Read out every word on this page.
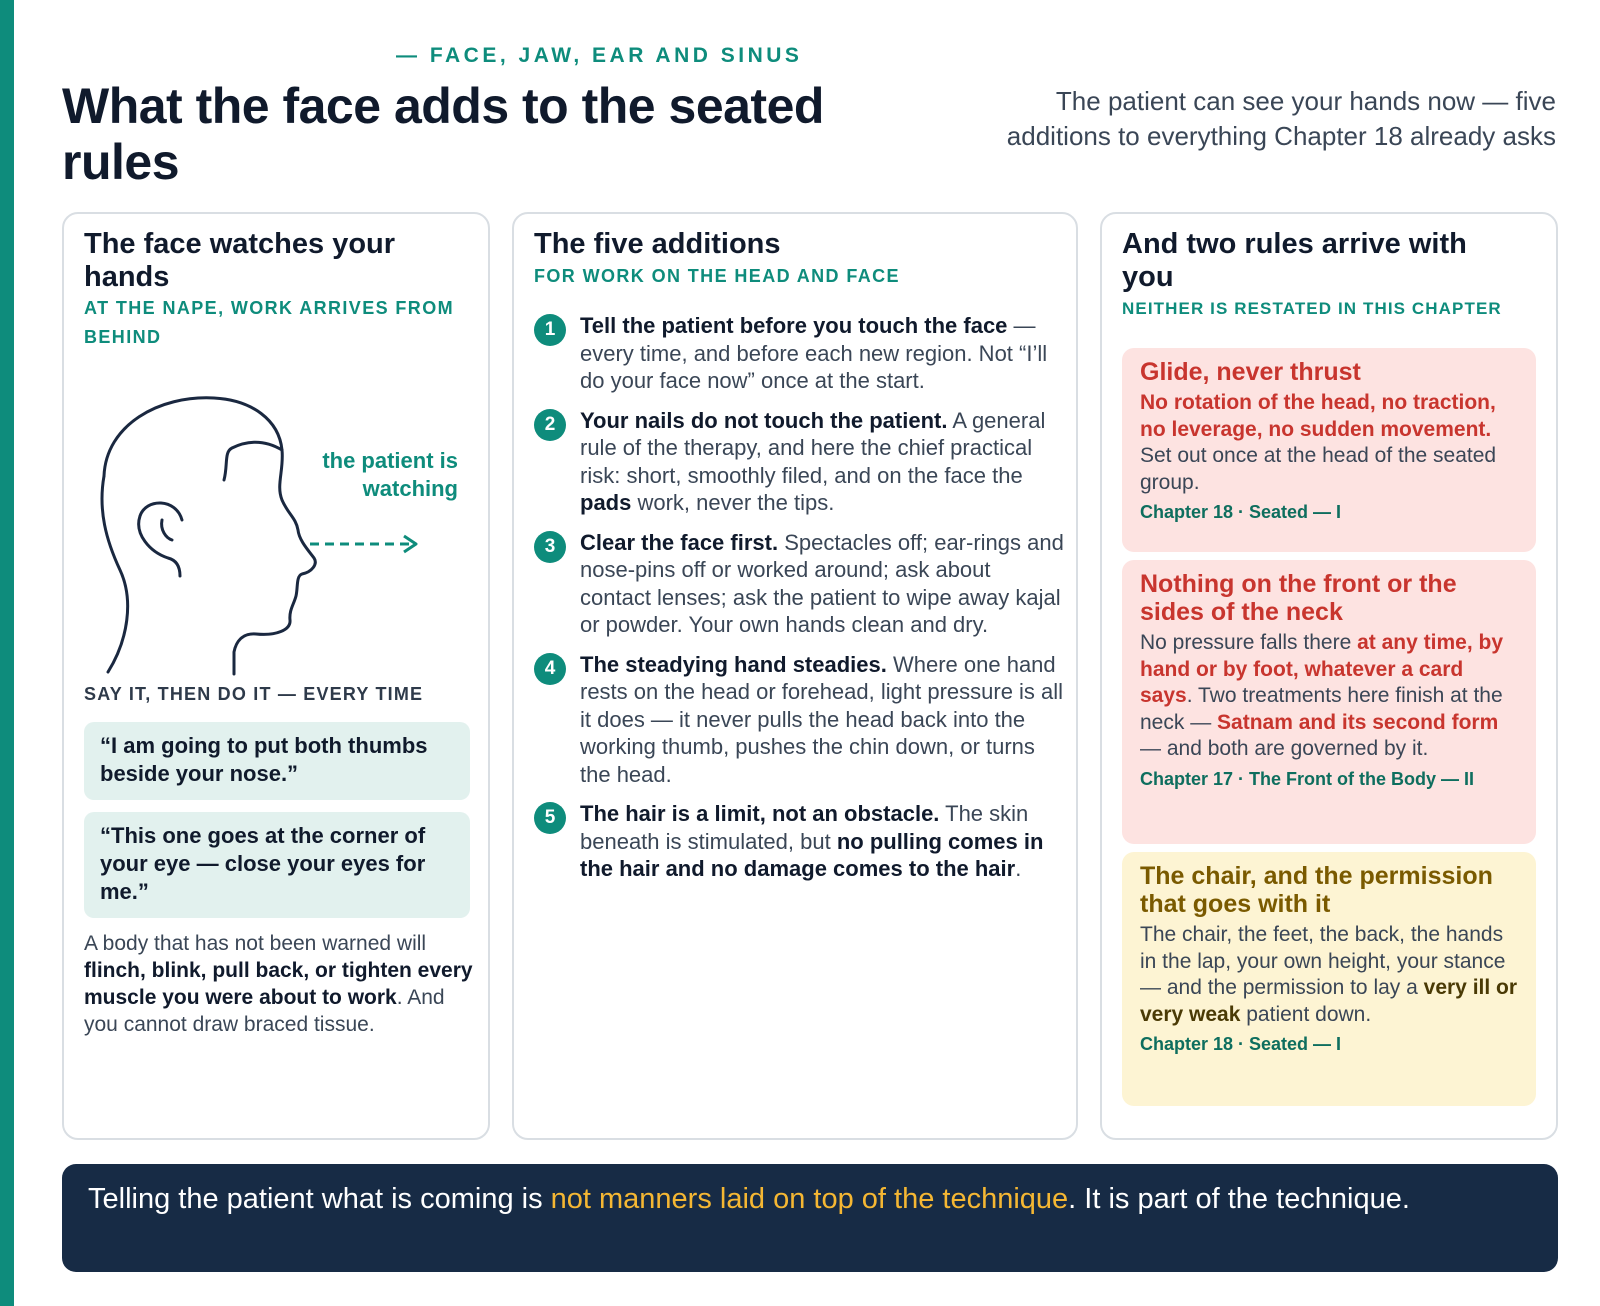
— FACE, JAW, EAR AND SINUS
What the face adds to the seated rules

The patient can see your hands now — five additions to everything Chapter 18 already asks

The face watches your hands
AT THE NAPE, WORK ARRIVES FROM BEHIND
the patient is watching
SAY IT, THEN DO IT — EVERY TIME
“I am going to put both thumbs beside your nose.”
“This one goes at the corner of your eye — close your eyes for me.”

A body that has not been warned will flinch, blink, pull back, or tighten every muscle you were about to work. And you cannot draw braced tissue.

The five additions
FOR WORK ON THE HEAD AND FACE
1	Tell the patient before you touch the face — every time, and before each new region. Not “I’ll do your face now” once at the start.
2	Your nails do not touch the patient. A general rule of the therapy, and here the chief practical risk: short, smoothly filed, and on the face the pads work, never the tips.
3	Clear the face first. Spectacles off; ear-rings and nose-pins off or worked around; ask about contact lenses; ask the patient to wipe away kajal or powder. Your own hands clean and dry.
4	The steadying hand steadies. Where one hand rests on the head or forehead, light pressure is all it does — it never pulls the head back into the working thumb, pushes the chin down, or turns the head.
5	The hair is a limit, not an obstacle. The skin beneath is stimulated, but no pulling comes in the hair and no damage comes to the hair.
And two rules arrive with you
NEITHER IS RESTATED IN THIS CHAPTER
Glide, never thrust
No rotation of the head, no traction, no leverage, no sudden movement. Set out once at the head of the seated group.
Chapter 18 · Seated — I
Nothing on the front or the sides of the neck
No pressure falls there at any time, by hand or by foot, whatever a card says. Two treatments here finish at the neck — Satnam and its second form — and both are governed by it.
Chapter 17 · The Front of the Body — II
The chair, and the permission that goes with it
The chair, the feet, the back, the hands in the lap, your own height, your stance — and the permission to lay a very ill or very weak patient down.
Chapter 18 · Seated — I
Telling the patient what is coming is not manners laid on top of the technique. It is part of the technique.
